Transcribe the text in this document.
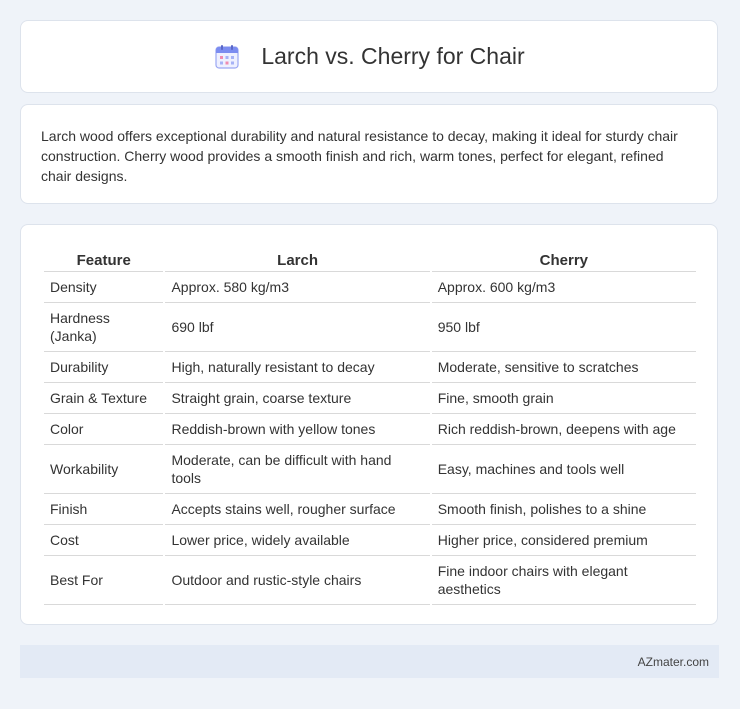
Larch vs. Cherry for Chair

Larch wood offers exceptional durability and natural resistance to decay, making it ideal for sturdy chair construction. Cherry wood provides a smooth finish and rich, warm tones, perfect for elegant, refined chair designs.

Feature	Larch	Cherry
Density	Approx. 580 kg/m3	Approx. 600 kg/m3
Hardness (Janka)	690 lbf	950 lbf
Durability	High, naturally resistant to decay	Moderate, sensitive to scratches
Grain & Texture	Straight grain, coarse texture	Fine, smooth grain
Color	Reddish-brown with yellow tones	Rich reddish-brown, deepens with age
Workability	Moderate, can be difficult with hand tools	Easy, machines and tools well
Finish	Accepts stains well, rougher surface	Smooth finish, polishes to a shine
Cost	Lower price, widely available	Higher price, considered premium
Best For	Outdoor and rustic-style chairs	Fine indoor chairs with elegant aesthetics
AZmater.com
